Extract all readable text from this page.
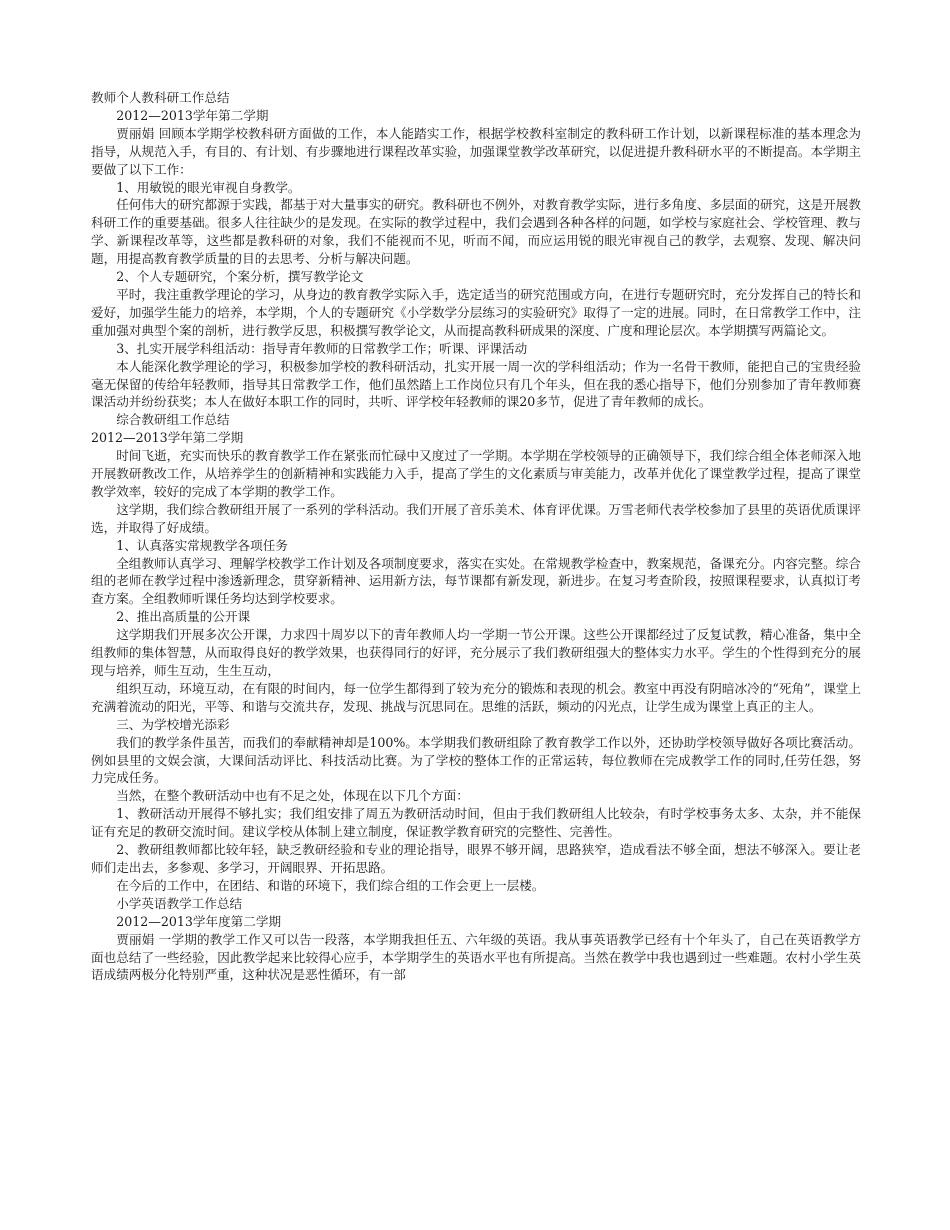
教师个人教科研工作总结

2012—2013学年第二学期

贾丽娟 回顾本学期学校教科研方面做的工作，本人能踏实工作，根据学校教科室制定的教科研工作计划，以新课程标准的基本理念为指导，从规范入手，有目的、有计划、有步骤地进行课程改革实验，加强课堂教学改革研究，以促进提升教科研水平的不断提高。本学期主要做了以下工作：

1、用敏锐的眼光审视自身教学。

任何伟大的研究都源于实践，都基于对大量事实的研究。教科研也不例外，对教育教学实际，进行多角度、多层面的研究，这是开展教科研工作的重要基础。很多人往往缺少的是发现。在实际的教学过程中，我们会遇到各种各样的问题，如学校与家庭社会、学校管理、教与学、新课程改革等，这些都是教科研的对象，我们不能视而不见，听而不闻，而应运用锐的眼光审视自己的教学，去观察、发现、解决问题，用提高教育教学质量的目的去思考、分析与解决问题。

2、个人专题研究，个案分析，撰写教学论文

平时，我注重教学理论的学习，从身边的教育教学实际入手，选定适当的研究范围或方向，在进行专题研究时，充分发挥自己的特长和爱好，加强学生能力的培养，本学期，个人的专题研究《小学数学分层练习的实验研究》取得了一定的进展。同时，在日常教学工作中，注重加强对典型个案的剖析，进行教学反思，积极撰写教学论文，从而提高教科研成果的深度、广度和理论层次。本学期撰写两篇论文。

3、扎实开展学科组活动：指导青年教师的日常教学工作；听课、评课活动

本人能深化教学理论的学习，积极参加学校的教科研活动，扎实开展一周一次的学科组活动；作为一名骨干教师，能把自己的宝贵经验毫无保留的传给年轻教师，指导其日常教学工作，他们虽然踏上工作岗位只有几个年头，但在我的悉心指导下，他们分别参加了青年教师赛课活动并纷纷获奖；本人在做好本职工作的同时，共听、评学校年轻教师的课20多节，促进了青年教师的成长。

综合教研组工作总结

2012—2013学年第二学期

时间飞逝，充实而快乐的教育教学工作在紧张而忙碌中又度过了一学期。本学期在学校领导的正确领导下，我们综合组全体老师深入地开展教研教改工作，从培养学生的创新精神和实践能力入手，提高了学生的文化素质与审美能力，改革并优化了课堂教学过程，提高了课堂教学效率，较好的完成了本学期的教学工作。

这学期，我们综合教研组开展了一系列的学科活动。我们开展了音乐美术、体育评优课。万雪老师代表学校参加了县里的英语优质课评选，并取得了好成绩。

1、认真落实常规教学各项任务

全组教师认真学习、理解学校教学工作计划及各项制度要求，落实在实处。在常规教学检查中，教案规范，备课充分。内容完整。综合组的老师在教学过程中渗透新理念，贯穿新精神、运用新方法，每节课都有新发现，新进步。在复习考查阶段，按照课程要求，认真拟订考查方案。全组教师听课任务均达到学校要求。

2、推出高质量的公开课

这学期我们开展多次公开课，力求四十周岁以下的青年教师人均一学期一节公开课。这些公开课都经过了反复试教，精心准备，集中全组教师的集体智慧，从而取得良好的教学效果，也获得同行的好评，充分展示了我们教研组强大的整体实力水平。学生的个性得到充分的展现与培养，师生互动，生生互动，

组织互动，环境互动，在有限的时间内，每一位学生都得到了较为充分的锻炼和表现的机会。教室中再没有阴暗冰冷的“死角”，课堂上充满着流动的阳光，平等、和谐与交流共存，发现、挑战与沉思同在。思维的活跃，频动的闪光点，让学生成为课堂上真正的主人。

三、为学校增光添彩

我们的教学条件虽苦，而我们的奉献精神却是100%。本学期我们教研组除了教育教学工作以外，还协助学校领导做好各项比赛活动。例如县里的文娱会演，大课间活动评比、科技活动比赛。为了学校的整体工作的正常运转，每位教师在完成教学工作的同时,任劳任怨，努力完成任务。

当然，在整个教研活动中也有不足之处，体现在以下几个方面：

1、教研活动开展得不够扎实；我们组安排了周五为教研活动时间，但由于我们教研组人比较杂，有时学校事务太多、太杂，并不能保证有充足的教研交流时间。建议学校从体制上建立制度，保证教学教育研究的完整性、完善性。

2、教研组教师都比较年轻，缺乏教研经验和专业的理论指导，眼界不够开阔，思路狭窄，造成看法不够全面，想法不够深入。要让老师们走出去，多参观、多学习，开阔眼界、开拓思路。

在今后的工作中，在团结、和谐的环境下，我们综合组的工作会更上一层楼。

小学英语教学工作总结

2012—2013学年度第二学期

贾丽娟 一学期的教学工作又可以告一段落，本学期我担任五、六年级的英语。我从事英语教学已经有十个年头了，自己在英语教学方面也总结了一些经验，因此教学起来比较得心应手，本学期学生的英语水平也有所提高。当然在教学中我也遇到过一些难题。农村小学生英语成绩两极分化特别严重，这种状况是恶性循环，有一部
